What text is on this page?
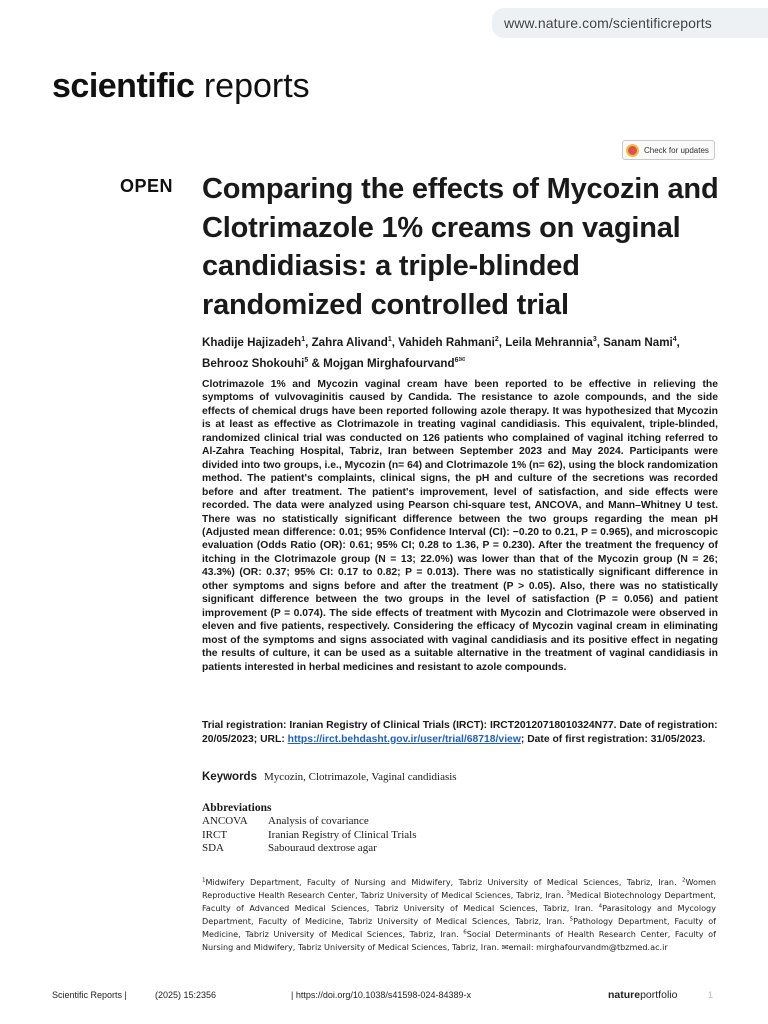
www.nature.com/scientificreports
scientific reports
Check for updates
OPEN Comparing the effects of Mycozin and Clotrimazole 1% creams on vaginal candidiasis: a triple-blinded randomized controlled trial
Khadije Hajizadeh$^1$, Zahra Alivand$^1$, Vahideh Rahmani$^2$, Leila Mehrannia$^3$, Sanam Nami$^4$, Behrooz Shokouhi$^5$ & Mojgan Mirghafourvand$^{6✉}$
Clotrimazole 1% and Mycozin vaginal cream have been reported to be effective in relieving the symptoms of vulvovaginitis caused by Candida. The resistance to azole compounds, and the side effects of chemical drugs have been reported following azole therapy. It was hypothesized that Mycozin is at least as effective as Clotrimazole in treating vaginal candidiasis. This equivalent, triple-blinded, randomized clinical trial was conducted on 126 patients who complained of vaginal itching referred to Al-Zahra Teaching Hospital, Tabriz, Iran between September 2023 and May 2024. Participants were divided into two groups, i.e., Mycozin (n= 64) and Clotrimazole 1% (n= 62), using the block randomization method. The patient's complaints, clinical signs, the pH and culture of the secretions was recorded before and after treatment. The patient's improvement, level of satisfaction, and side effects were recorded. The data were analyzed using Pearson chi-square test, ANCOVA, and Mann–Whitney U test. There was no statistically significant difference between the two groups regarding the mean pH (Adjusted mean difference: 0.01; 95% Confidence Interval (CI): −0.20 to 0.21, P = 0.965), and microscopic evaluation (Odds Ratio (OR): 0.61; 95% CI; 0.28 to 1.36, P = 0.230). After the treatment the frequency of itching in the Clotrimazole group (N = 13; 22.0%) was lower than that of the Mycozin group (N = 26; 43.3%) (OR: 0.37; 95% CI: 0.17 to 0.82; P = 0.013). There was no statistically significant difference in other symptoms and signs before and after the treatment (P > 0.05). Also, there was no statistically significant difference between the two groups in the level of satisfaction (P = 0.056) and patient improvement (P = 0.074). The side effects of treatment with Mycozin and Clotrimazole were observed in eleven and five patients, respectively. Considering the efficacy of Mycozin vaginal cream in eliminating most of the symptoms and signs associated with vaginal candidiasis and its positive effect in negating the results of culture, it can be used as a suitable alternative in the treatment of vaginal candidiasis in patients interested in herbal medicines and resistant to azole compounds.
Trial registration: Iranian Registry of Clinical Trials (IRCT): IRCT20120718010324N77. Date of registration: 20/05/2023; URL: https://irct.behdasht.gov.ir/user/trial/68718/view; Date of first registration: 31/05/2023.
Keywords Mycozin, Clotrimazole, Vaginal candidiasis
Abbreviations
ANCOVA	Analysis of covariance
IRCT	Iranian Registry of Clinical Trials
SDA	Sabouraud dextrose agar
$^1$Midwifery Department, Faculty of Nursing and Midwifery, Tabriz University of Medical Sciences, Tabriz, Iran. $^2$Women Reproductive Health Research Center, Tabriz University of Medical Sciences, Tabriz, Iran. $^3$Medical Biotechnology Department, Faculty of Advanced Medical Sciences, Tabriz University of Medical Sciences, Tabriz, Iran. $^4$Parasitology and Mycology Department, Faculty of Medicine, Tabriz University of Medical Sciences, Tabriz, Iran. $^5$Pathology Department, Faculty of Medicine, Tabriz University of Medical Sciences, Tabriz, Iran. $^6$Social Determinants of Health Research Center, Faculty of Nursing and Midwifery, Tabriz University of Medical Sciences, Tabriz, Iran. ✉email: mirghafourvandm@tbzmed.ac.ir
Scientific Reports |	(2025) 15:2356	| https://doi.org/10.1038/s41598-024-84389-x	natureportfolio	1
